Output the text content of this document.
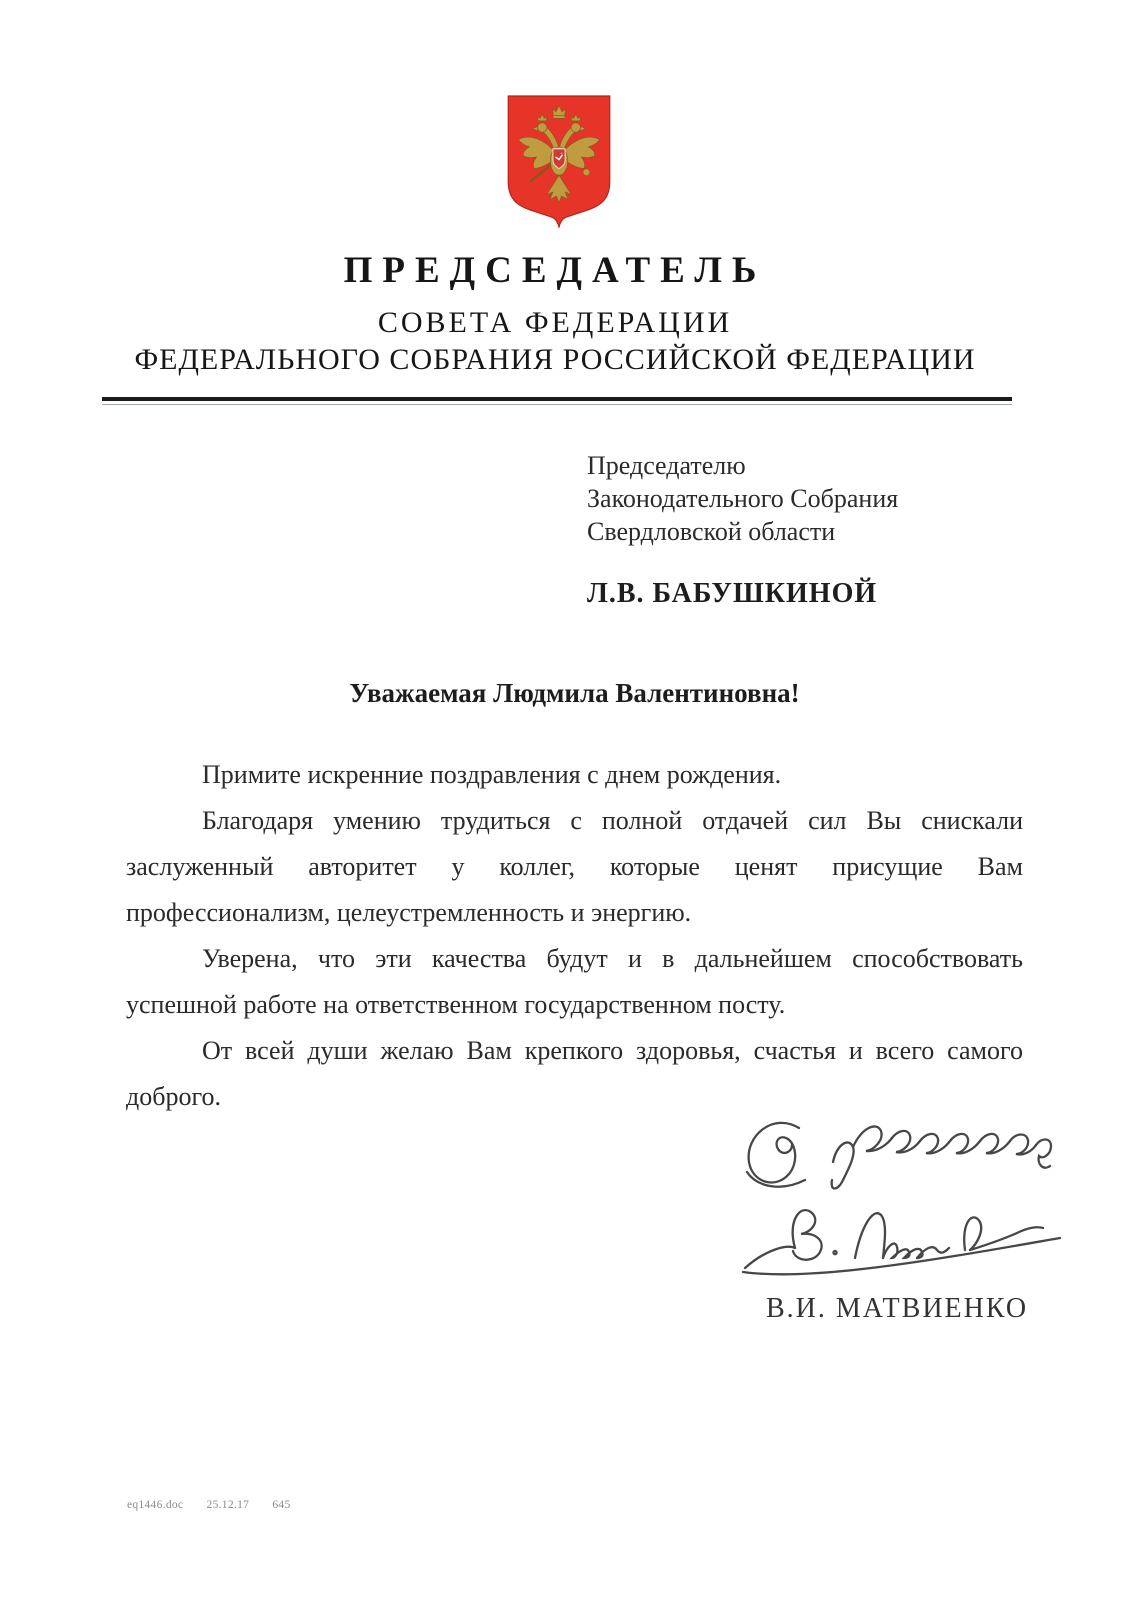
ПРЕДСЕДАТЕЛЬ
СОВЕТА ФЕДЕРАЦИИ
ФЕДЕРАЛЬНОГО СОБРАНИЯ РОССИЙСКОЙ ФЕДЕРАЦИИ
Председателю
Законодательного Собрания
Свердловской области
Л.В. БАБУШКИНОЙ
Уважаемая Людмила Валентиновна!

Примите искренние поздравления с днем рождения.

Благодаря умению трудиться с полной отдачей сил Вы снискали заслуженный авторитет у коллег, которые ценят присущие Вам профессионализм, целеустремленность и энергию.

Уверена, что эти качества будут и в дальнейшем способствовать успешной работе на ответственном государственном посту.

От всей души желаю Вам крепкого здоровья, счастья и всего самого доброго.

В.И. МАТВИЕНКО
eq1446.doc 25.12.17 645
